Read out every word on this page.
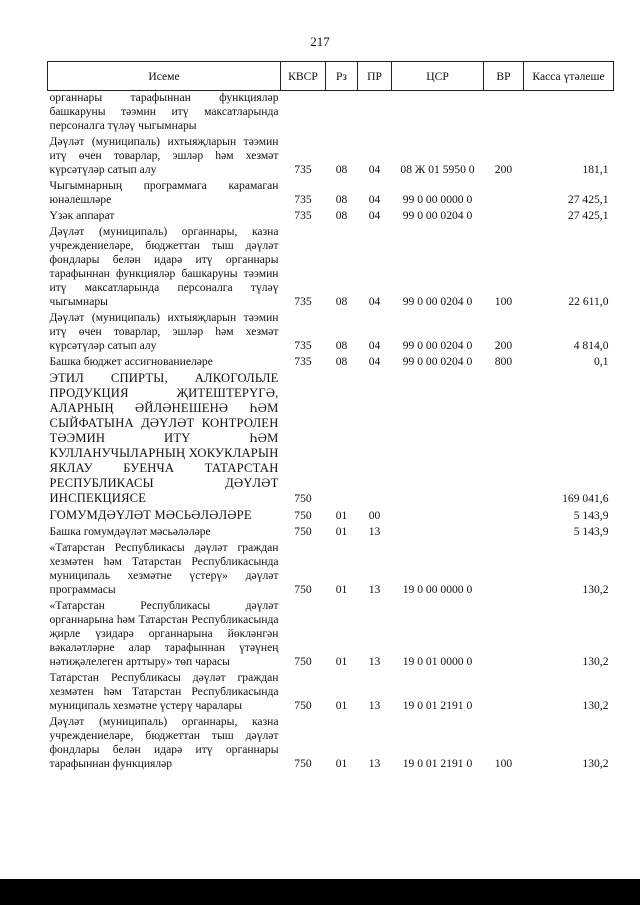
217
Исеме	КВСР	Рз	ПР	ЦСР	ВР	Касса үтәлеше
органнары тарафыннан функцияләр башкаруны тәэмин итү максатларында персоналга түләү чыгымнары						
Дәүләт (муниципаль) ихтыяҗларын тәэмин итү өчен товарлар, эшләр һәм хезмәт күрсәтүләр сатып алу	735	08	04	08 Ж 01 5950 0	200	181,1
Чыгымнарның программага карамаган юнәлешләре	735	08	04	99 0 00 0000 0		27 425,1
Үзәк аппарат	735	08	04	99 0 00 0204 0		27 425,1
Дәүләт (муниципаль) органнары, казна учреждениеләре, бюджеттан тыш дәүләт фондлары белән идарә итү органнары тарафыннан функцияләр башкаруны тәэмин итү максатларында персоналга түләү чыгымнары	735	08	04	99 0 00 0204 0	100	22 611,0
Дәүләт (муниципаль) ихтыяҗларын тәэмин итү өчен товарлар, эшләр һәм хезмәт күрсәтүләр сатып алу	735	08	04	99 0 00 0204 0	200	4 814,0
Башка бюджет ассигнованиеләре	735	08	04	99 0 00 0204 0	800	0,1
ЭТИЛ СПИРТЫ, АЛКОГОЛЬЛЕ ПРОДУКЦИЯ ҖИТЕШТЕРҮГӘ, АЛАРНЫҢ ӘЙЛӘНЕШЕНӘ ҺӘМ СЫЙФАТЫНА ДӘҮЛӘТ КОНТРОЛЕН ТӘЭМИН ИТҮ ҺӘМ КУЛЛАНУЧЫЛАРНЫҢ ХОКУКЛАРЫН ЯКЛАУ БУЕНЧА ТАТАРСТАН РЕСПУБЛИКАСЫ ДӘҮЛӘТ ИНСПЕКЦИЯСЕ	750					169 041,6
ГОМУМДӘҮЛӘТ МӘСЬӘЛӘЛӘРЕ	750	01	00			5 143,9
Башка гомумдәүләт мәсьәләләре	750	01	13			5 143,9
«Татарстан Республикасы дәүләт граждан хезмәтен һәм Татарстан Республикасында муниципаль хезмәтне үстерү» дәүләт программасы	750	01	13	19 0 00 0000 0		130,2
«Татарстан Республикасы дәүләт органнарына һәм Татарстан Республикасында җирле үзидарә органнарына йөкләнгән вәкаләтләрне алар тарафыннан үтәүнең нәтиҗәлелеген арттыру» төп чарасы	750	01	13	19 0 01 0000 0		130,2
Татарстан Республикасы дәүләт граждан хезмәтен һәм Татарстан Республикасында муниципаль хезмәтне үстерү чаралары	750	01	13	19 0 01 2191 0		130,2
Дәүләт (муниципаль) органнары, казна учреждениеләре, бюджеттан тыш дәүләт фондлары белән идарә итү органнары тарафыннан функцияләр	750	01	13	19 0 01 2191 0	100	130,2
